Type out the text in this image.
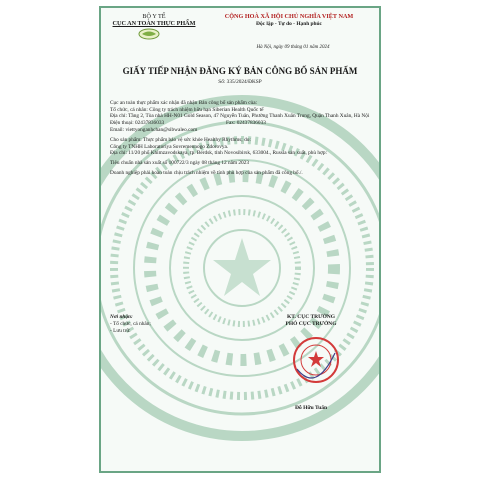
BỘ Y TẾ
CỤC AN TOÀN THỰC PHẨM
CỘNG HOÀ XÃ HỘI CHỦ NGHĨA VIỆT NAM
Độc lập - Tự do - Hạnh phúc
Hà Nội, ngày 09 tháng 01 năm 2024
GIẤY TIẾP NHẬN ĐĂNG KÝ BẢN CÔNG BỐ SẢN PHẨM
Số: 335/2024/ĐKSP

Cục an toàn thực phẩm xác nhận đã nhận Bản công bố sản phẩm của:

Tổ chức, cá nhân: Công ty trách nhiệm hữu hạn Siberian Health Quốc tế

Địa chỉ: Tầng 2, Tòa nhà HH-N01 Gold Season, 47 Nguyễn Tuân, Phường Thanh Xuân Trung, Quận Thanh Xuân, Hà Nội

Điện thoại: 02437836033	Fax: 02437836033

Email: viettyonganhchan@sibwaleo.com

Cho sản phẩm: Thực phẩm bảo vệ sức khỏe Healthy Rhythms; do:

Công ty TNHH Laboratoriya Sovremennogo Zdorovya.

Địa chỉ: 11/20 phố Khimzavodskaya, tp. Berdsk, tỉnh Novosibirsk, 633004., Russia sản xuất, phù hợp:

Tiêu chuẩn nhà sản xuất số 100722/3 ngày 08 tháng 12 năm 2023

Doanh nghiệp phải hoàn toàn chịu trách nhiệm về tính phù hợp của sản phẩm đã công bố./.

Nơi nhận:
- Tổ chức, cá nhân;
- Lưu trữ.
KT. CỤC TRƯỞNG
PHÓ CỤC TRƯỞNG
Đỗ Hữu Tuấn
